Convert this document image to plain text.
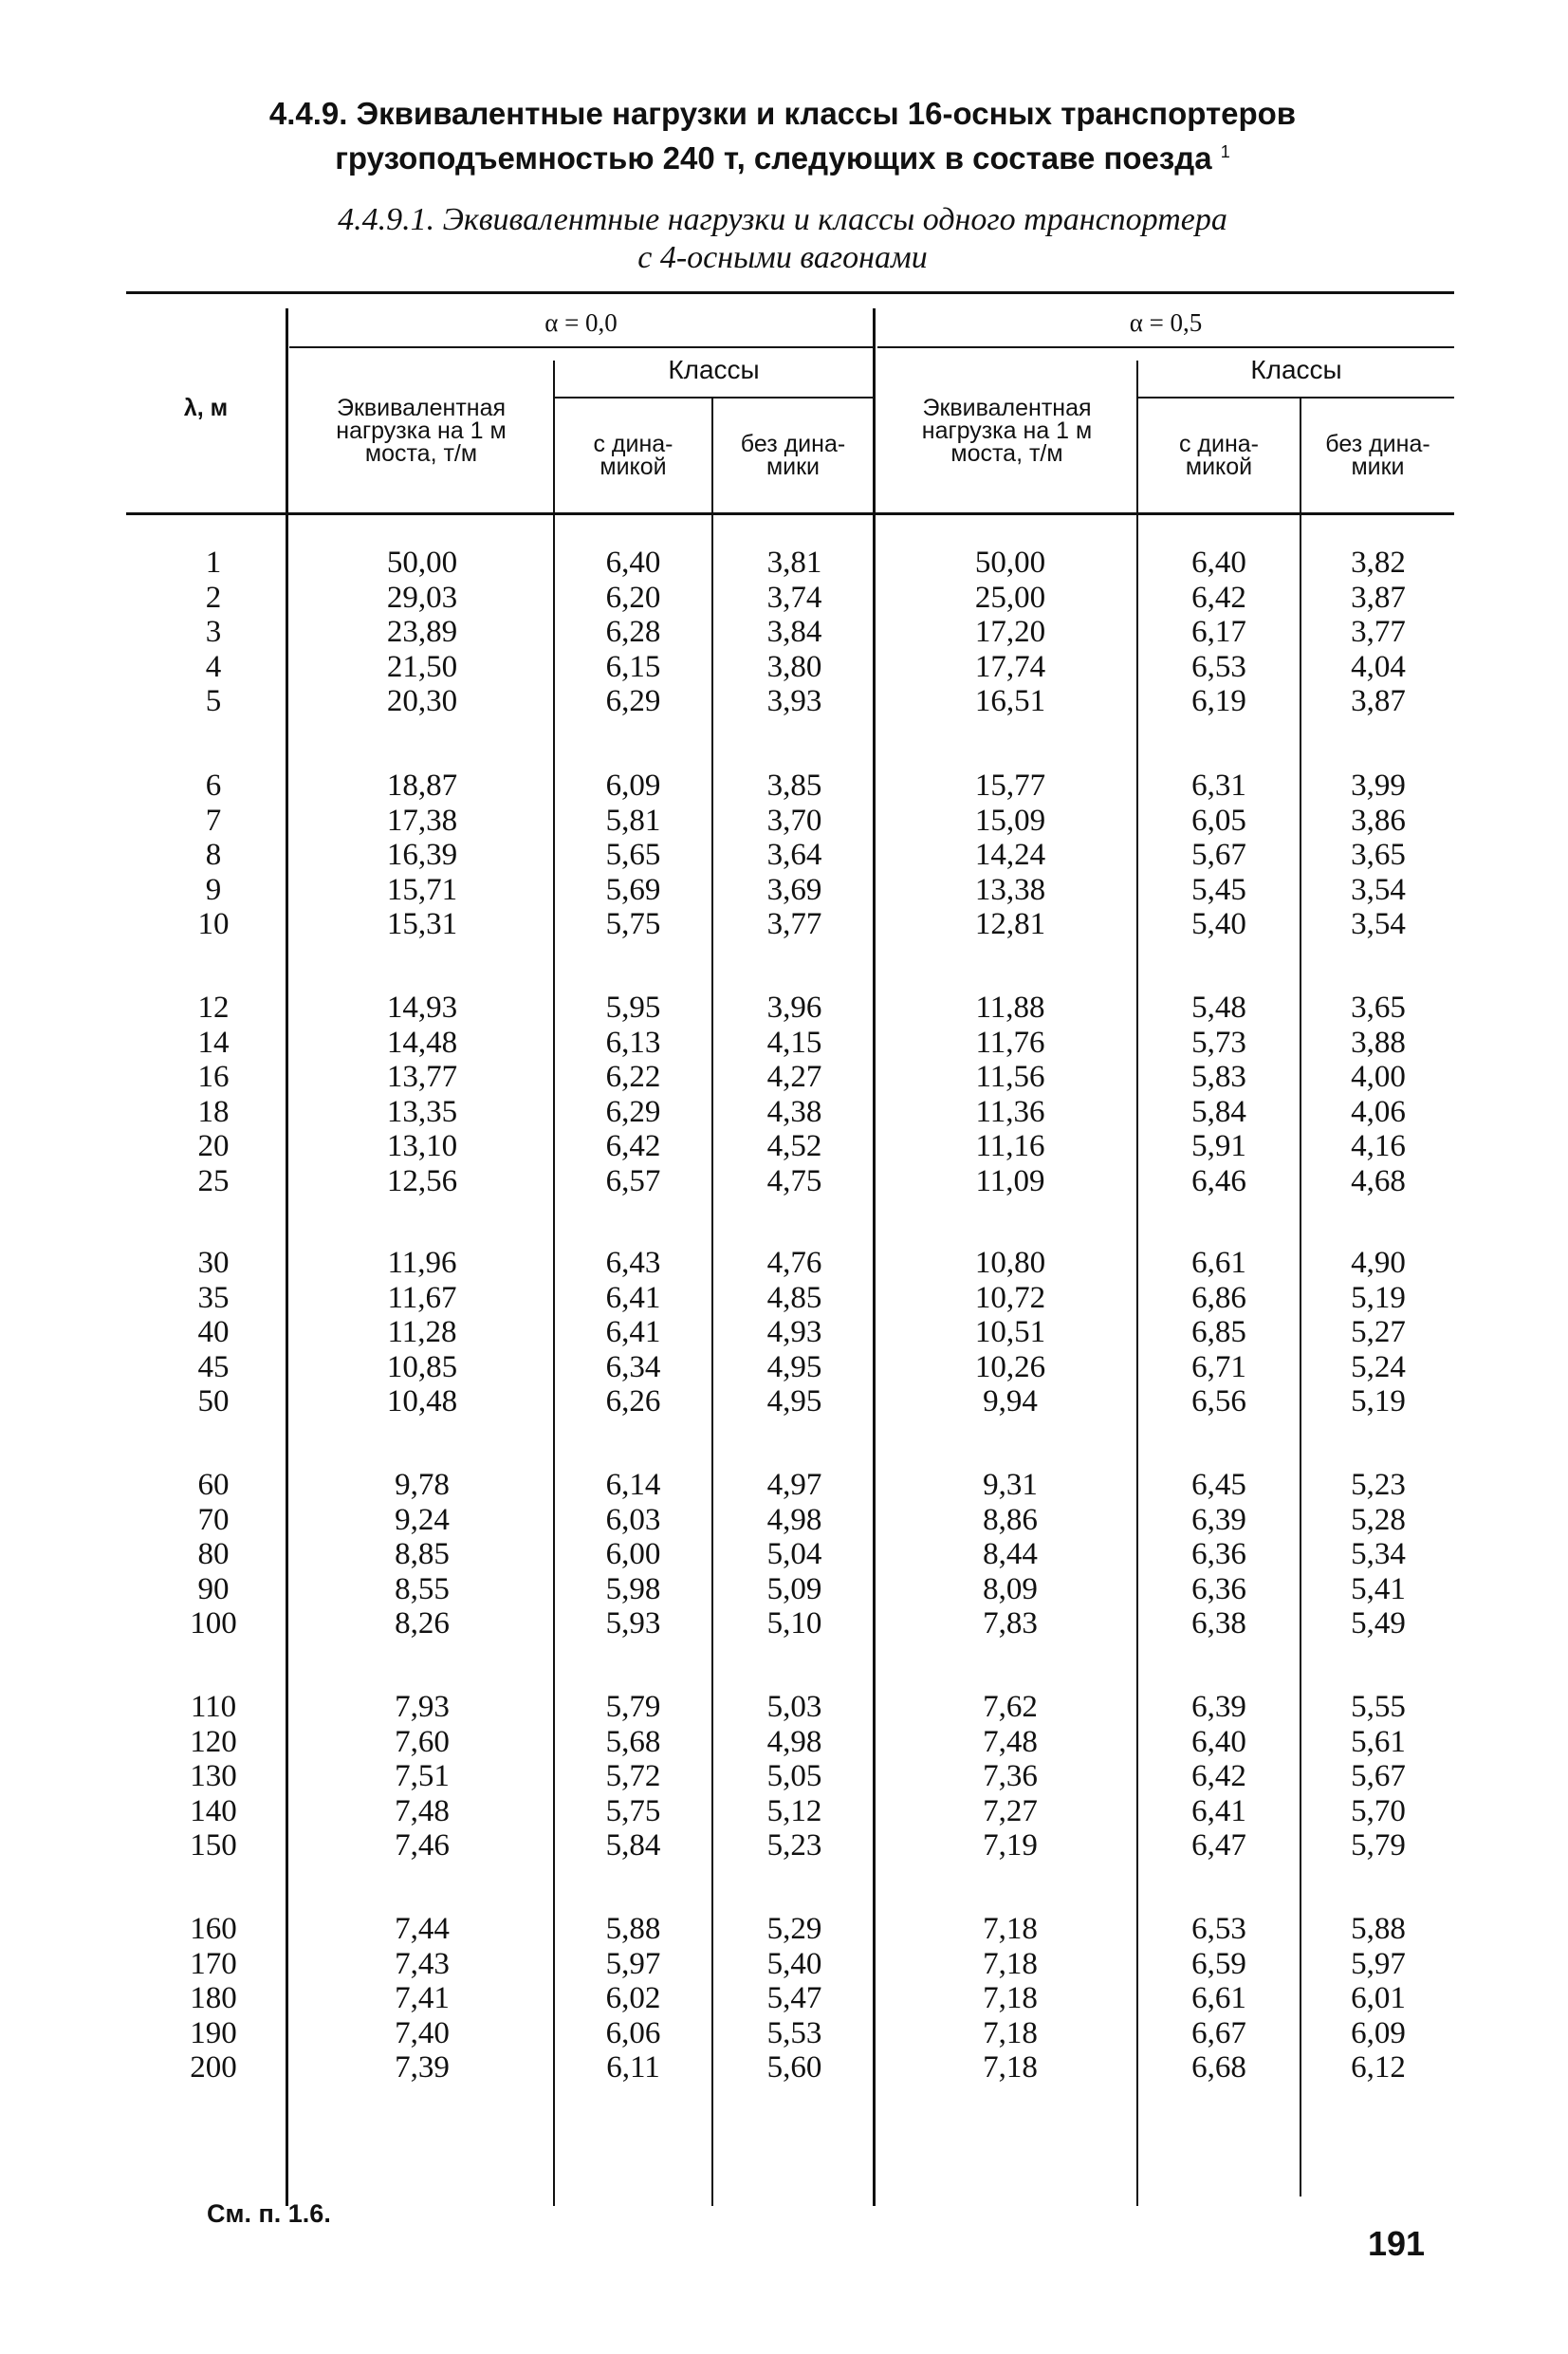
4.4.9. Эквивалентные нагрузки и классы 16-осных транспортеров
грузоподъемностью 240 т, следующих в составе поезда $^1$
4.4.9.1. Эквивалентные нагрузки и классы одного транспортера
с 4-осными вагонами
λ, м
α = 0,0	α = 0,5
Эквивалентная
нагрузка на 1 м
моста, т/м
Классы
с дина-
микой
без дина-
мики
Эквивалентная
нагрузка на 1 м
моста, т/м
Классы
с дина-
микой
без дина-
мики
1	50,00	6,40	3,81	50,00	6,40	3,82
2	29,03	6,20	3,74	25,00	6,42	3,87
3	23,89	6,28	3,84	17,20	6,17	3,77
4	21,50	6,15	3,80	17,74	6,53	4,04
5	20,30	6,29	3,93	16,51	6,19	3,87
6	18,87	6,09	3,85	15,77	6,31	3,99
7	17,38	5,81	3,70	15,09	6,05	3,86
8	16,39	5,65	3,64	14,24	5,67	3,65
9	15,71	5,69	3,69	13,38	5,45	3,54
10	15,31	5,75	3,77	12,81	5,40	3,54
12	14,93	5,95	3,96	11,88	5,48	3,65
14	14,48	6,13	4,15	11,76	5,73	3,88
16	13,77	6,22	4,27	11,56	5,83	4,00
18	13,35	6,29	4,38	11,36	5,84	4,06
20	13,10	6,42	4,52	11,16	5,91	4,16
25	12,56	6,57	4,75	11,09	6,46	4,68
30	11,96	6,43	4,76	10,80	6,61	4,90
35	11,67	6,41	4,85	10,72	6,86	5,19
40	11,28	6,41	4,93	10,51	6,85	5,27
45	10,85	6,34	4,95	10,26	6,71	5,24
50	10,48	6,26	4,95	9,94	6,56	5,19
60	9,78	6,14	4,97	9,31	6,45	5,23
70	9,24	6,03	4,98	8,86	6,39	5,28
80	8,85	6,00	5,04	8,44	6,36	5,34
90	8,55	5,98	5,09	8,09	6,36	5,41
100	8,26	5,93	5,10	7,83	6,38	5,49
110	7,93	5,79	5,03	7,62	6,39	5,55
120	7,60	5,68	4,98	7,48	6,40	5,61
130	7,51	5,72	5,05	7,36	6,42	5,67
140	7,48	5,75	5,12	7,27	6,41	5,70
150	7,46	5,84	5,23	7,19	6,47	5,79
160	7,44	5,88	5,29	7,18	6,53	5,88
170	7,43	5,97	5,40	7,18	6,59	5,97
180	7,41	6,02	5,47	7,18	6,61	6,01
190	7,40	6,06	5,53	7,18	6,67	6,09
200	7,39	6,11	5,60	7,18	6,68	6,12
См. п. 1.6.
191
